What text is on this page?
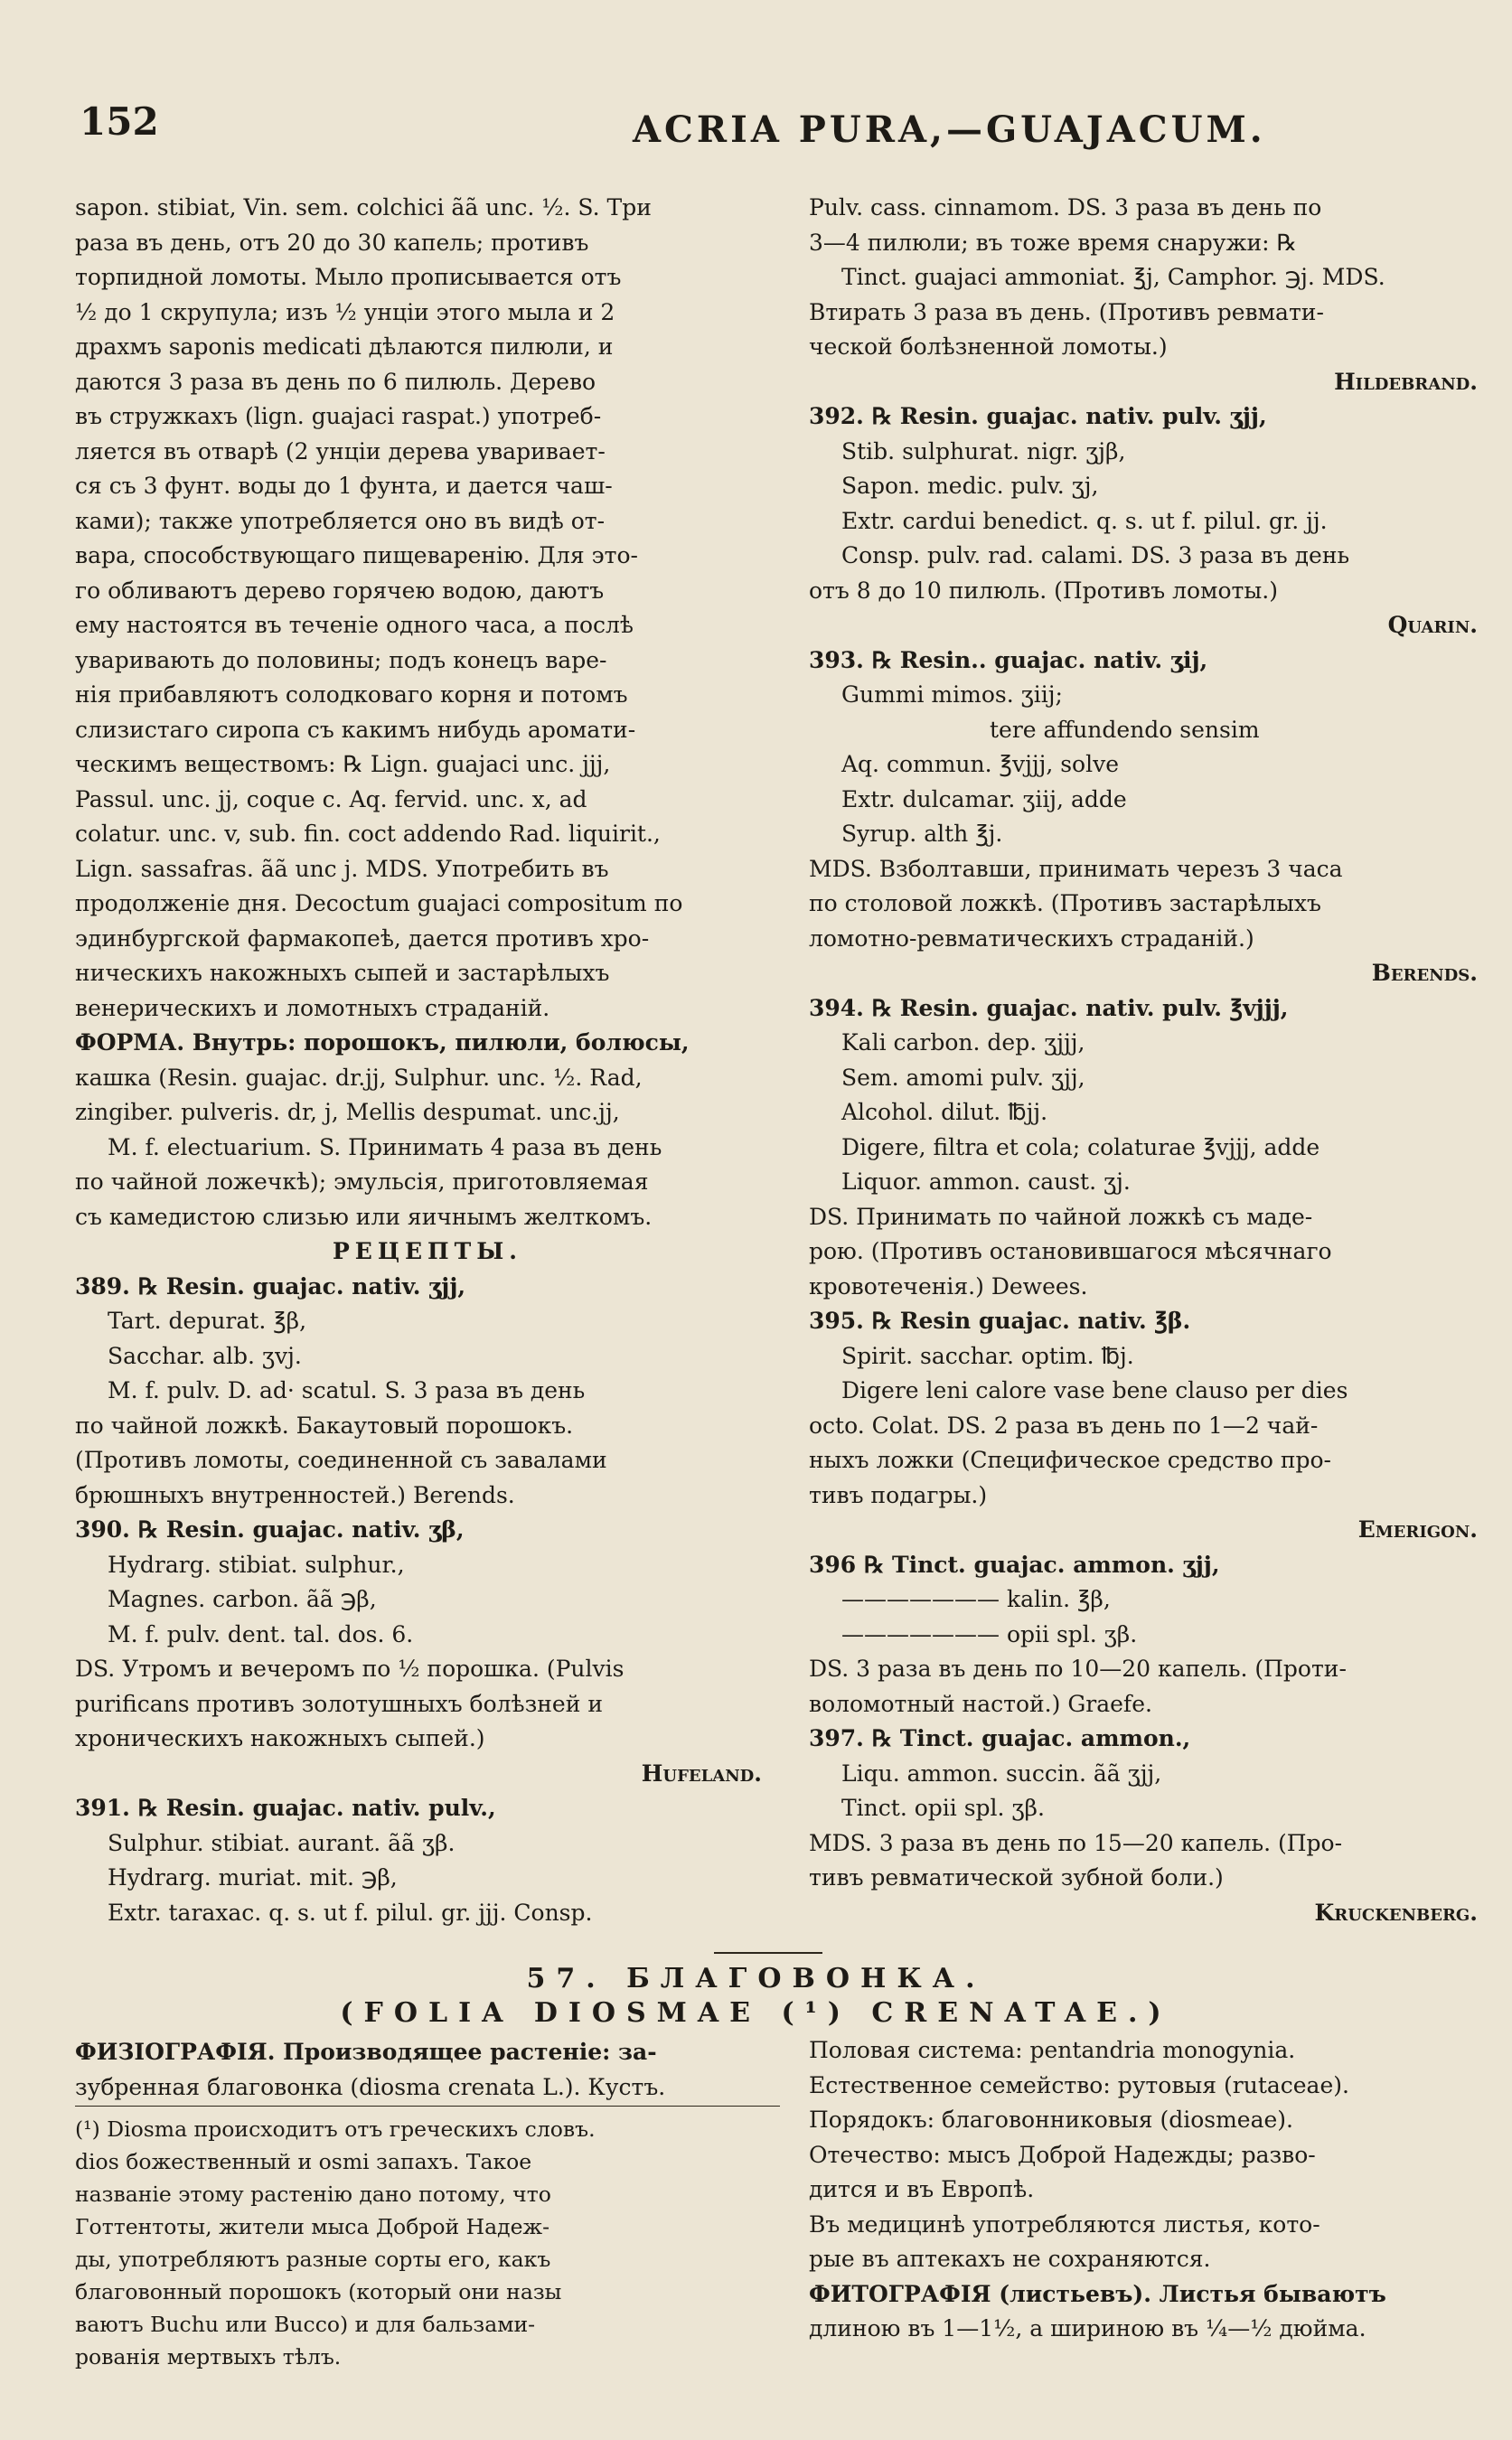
152	ACRIA PURA,—GUAJACUM.
sapon. stibiat, Vin. sem. colchici ãã unc. ½. S. Три
раза въ день, отъ 20 до 30 капель; противъ
торпидной ломоты. Мыло прописывается отъ
½ до 1 скрупула; изъ ½ унціи этого мыла и 2
драхмъ saponis medicati дѣлаются пилюли, и
даются 3 раза въ день по 6 пилюль. Дерево
въ стружкахъ (lign. guajaci raspat.) употреб-
ляется въ отварѣ (2 унціи дерева уваривает-
ся съ 3 фунт. воды до 1 фунта, и дается чаш-
ками); также употребляется оно въ видѣ от-
вара, способствующаго пищеваренію. Для это-
го обливаютъ дерево горячею водою, даютъ
ему настоятся въ теченіе одного часа, а послѣ
уваривають до половины; подъ конецъ варе-
нія прибавляютъ солодковаго корня и потомъ
слизистаго сиропа съ какимъ нибудь аромати-
ческимъ веществомъ: ℞ Lign. guajaci unc. jjj,
Passul. unc. jj, coque c. Aq. fervid. unc. x, ad
colatur. unc. v, sub. fin. coct addendo Rad. liquirit.,
Lign. sassafras. ãã unc j. MDS. Употребить въ
продолженіе дня. Decoctum guajaci compositum по
эдинбургской фармакопеѣ, дается противъ хро-
ническихъ накожныхъ сыпей и застарѣлыхъ
венерическихъ и ломотныхъ страданій.
ФОРМА. Внутрь: порошокъ, пилюли, болюсы,
кашка (Resin. guajac. dr.jj, Sulphur. unc. ½. Rad,
zingiber. pulveris. dr, j, Mellis despumat. unc.jj,
M. f. electuarium. S. Принимать 4 раза въ день
по чайной ложечкѣ); эмульсія, приготовляемая
съ камедистою слизью или яичнымъ желткомъ.
РЕЦЕПТЫ.
389. ℞ Resin. guajac. nativ. ʒjj,
Tart. depurat. ℥β,
Sacchar. alb. ʒvj.
M. f. pulv. D. ad· scatul. S. 3 раза въ день
по чайной ложкѣ. Бакаутовый порошокъ.
(Противъ ломоты, соединенной съ завалами
брюшныхъ внутренностей.) Berends.
390. ℞ Resin. guajac. nativ. ʒβ,
Hydrarg. stibiat. sulphur.,
Magnes. carbon. ãã ℈β,
M. f. pulv. dent. tal. dos. 6.
DS. Утромъ и вечеромъ по ½ порошка. (Pulvis
purificans противъ золотушныхъ болѣзней и
хроническихъ накожныхъ сыпей.)
Hufeland.
391. ℞ Resin. guajac. nativ. pulv.,
Sulphur. stibiat. aurant. ãã ʒβ.
Hydrarg. muriat. mit. ℈β,
Extr. taraxac. q. s. ut f. pilul. gr. jjj. Consp.
Pulv. cass. cinnamom. DS. 3 раза въ день по
3—4 пилюли; въ тоже время снаружи: ℞
Tinct. guajaci ammoniat. ℥j, Camphor. ℈j. MDS.
Втирать 3 раза въ день. (Противъ ревмати-
ческой болѣзненной ломоты.)
Hildebrand.
392. ℞ Resin. guajac. nativ. pulv. ʒjj,
Stib. sulphurat. nigr. ʒjβ,
Sapon. medic. pulv. ʒj,
Extr. cardui benedict. q. s. ut f. pilul. gr. jj.
Consp. pulv. rad. calami. DS. 3 раза въ день
отъ 8 до 10 пилюль. (Противъ ломоты.)
Quarin.
393. ℞ Resin.. guajac. nativ. ʒij,
Gummi mimos. ʒiij;
tere affundendo sensim
Aq. commun. ℥vjjj, solve
Extr. dulcamar. ʒiij, adde
Syrup. alth ℥j.
MDS. Взболтавши, принимать черезъ 3 часа
по столовой ложкѣ. (Противъ застарѣлыхъ
ломотно-ревматическихъ страданій.)
Berends.
394. ℞ Resin. guajac. nativ. pulv. ℥vjjj,
Kali carbon. dep. ʒjjj,
Sem. amomi pulv. ʒjj,
Alcohol. dilut. ℔jj.
Digere, filtra et cola; colaturae ℥vjjj, adde
Liquor. ammon. caust. ʒj.
DS. Принимать по чайной ложкѣ съ маде-
рою. (Противъ остановившагося мѣсячнаго
кровотеченія.) Dewees.
395. ℞ Resin guajac. nativ. ℥β.
Spirit. sacchar. optim. ℔j.
Digere leni calore vase bene clauso per dies
octo. Colat. DS. 2 раза въ день по 1—2 чай-
ныхъ ложки (Специфическое средство про-
тивъ подагры.)
Emerigon.
396 ℞ Tinct. guajac. ammon. ʒjj,
——————— kalin. ℥β,
——————— opii spl. ʒβ.
DS. 3 раза въ день по 10—20 капель. (Проти-
воломотный настой.) Graefe.
397. ℞ Tinct. guajac. ammon.,
Liqu. ammon. succin. ãã ʒjj,
Tinct. opii spl. ʒβ.
MDS. 3 раза въ день по 15—20 капель. (Про-
тивъ ревматической зубной боли.)
Kruckenberg.
57. БЛАГОВОНКА.
(FOLIA DIOSMAE (¹) CRENATAE.)
ФИЗІОГРАФІЯ. Производящее растеніе: за-
зубренная благовонка (diosma crenata L.). Кустъ.
(¹) Diosma происходитъ отъ греческихъ словъ.
dios божественный и osmi запахъ. Такое
названіе этому растенію дано потому, что
Готтентоты, жители мыса Доброй Надеж-
ды, употребляютъ разные сорты его, какъ
благовонный порошокъ (который они назы
ваютъ Buchu или Bucco) и для бальзами-
рованія мертвыхъ тѣлъ.
Половая система: pentandria monogynia.
Естественное семейство: рутовыя (rutaceae).
Порядокъ: благовонниковыя (diosmeae).
Отечество: мысъ Доброй Надежды; разво-
дится и въ Европѣ.
Въ медицинѣ употребляются листья, кото-
рые въ аптекахъ не сохраняются.
ФИТОГРАФІЯ (листьевъ). Листья бываютъ
длиною въ 1—1½, а шириною въ ¼—½ дюйма.
